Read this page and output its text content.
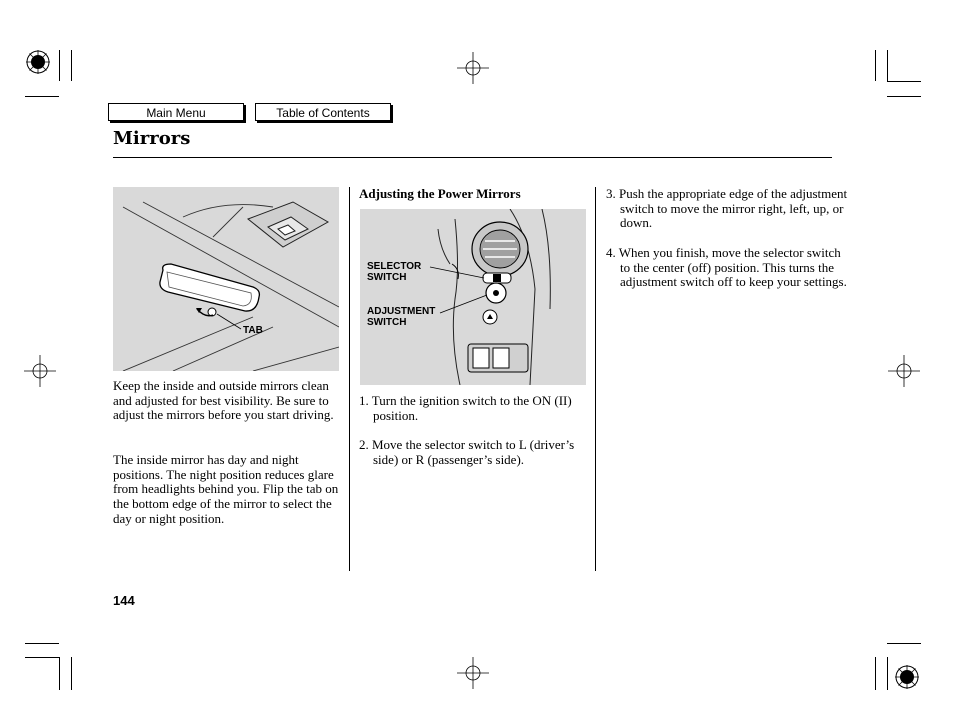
Main Menu	Table of Contents
Mirrors
TAB
Keep the inside and outside mirrors clean and adjusted for best visibility. Be sure to adjust the mirrors before you start driving.
The inside mirror has day and night positions. The night position reduces glare from headlights behind you. Flip the tab on the bottom edge of the mirror to select the day or night position.
Adjusting the Power Mirrors
SELECTOR
SWITCH
ADJUSTMENT
SWITCH
1. Turn the ignition switch to the ON (II) position.
2. Move the selector switch to L (driver’s side) or R (passenger’s side).
3. Push the appropriate edge of the adjustment switch to move the mirror right, left, up, or down.
4. When you finish, move the selector switch to the center (off) position. This turns the adjustment switch off to keep your settings.
144
